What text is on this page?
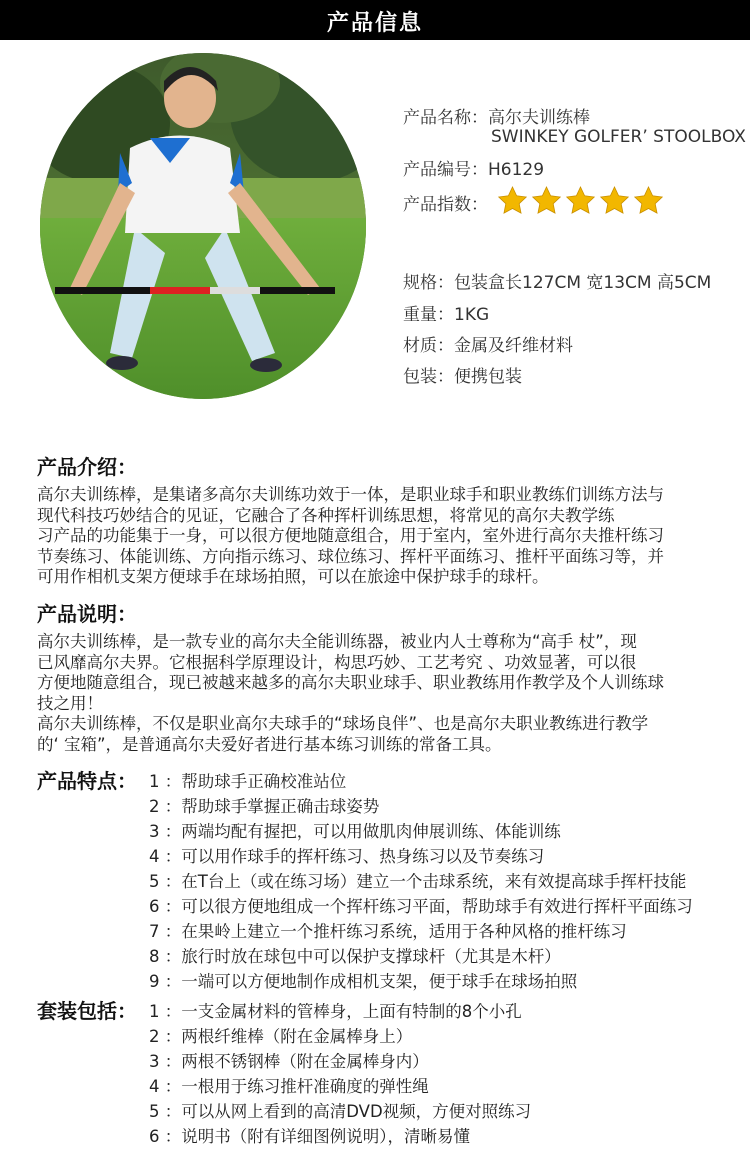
产品信息
产品名称：高尔夫训练棒
SWINKEY GOLFER’ STOOLBOX
产品编号：H6129
产品指数：
规格：包装盒长127CM 宽13CM 高5CM
重量：1KG
材质：金属及纤维材料
包装：便携包装
产品介绍：
高尔夫训练棒，是集诸多高尔夫训练功效于一体，是职业球手和职业教练们训练方法与
现代科技巧妙结合的见证，它融合了各种挥杆训练思想，将常见的高尔夫教学练
习产品的功能集于一身，可以很方便地随意组合，用于室内，室外进行高尔夫推杆练习
节奏练习、体能训练、方向指示练习、球位练习、挥杆平面练习、推杆平面练习等，并
可用作相机支架方便球手在球场拍照，可以在旅途中保护球手的球杆。
产品说明：
高尔夫训练棒，是一款专业的高尔夫全能训练器，被业内人士尊称为“高手 杖”，现
已风靡高尔夫界。它根据科学原理设计，构思巧妙、工艺考究 、功效显著，可以很
方便地随意组合，现已被越来越多的高尔夫职业球手、职业教练用作教学及个人训练球
技之用！
高尔夫训练棒，不仅是职业高尔夫球手的“球场良伴”、也是高尔夫职业教练进行教学
的‘ 宝箱”，是普通高尔夫爱好者进行基本练习训练的常备工具。
产品特点： 1 ：帮助球手正确校准站位
2 ：帮助球手掌握正确击球姿势
3 ：两端均配有握把，可以用做肌肉伸展训练、体能训练
4 ：可以用作球手的挥杆练习、热身练习以及节奏练习
5 ：在T台上（或在练习场）建立一个击球系统，来有效提高球手挥杆技能
6 ：可以很方便地组成一个挥杆练习平面，帮助球手有效进行挥杆平面练习
7 ：在果岭上建立一个推杆练习系统，适用于各种风格的推杆练习
8 ：旅行时放在球包中可以保护支撑球杆（尤其是木杆）
9 ：一端可以方便地制作成相机支架，便于球手在球场拍照
套装包括： 1 ：一支金属材料的管棒身，上面有特制的8个小孔
2 ：两根纤维棒（附在金属棒身上）
3 ：两根不锈钢棒（附在金属棒身内）
4 ：一根用于练习推杆准确度的弹性绳
5 ：可以从网上看到的高清DVD视频，方便对照练习
6 ：说明书（附有详细图例说明），清晰易懂
